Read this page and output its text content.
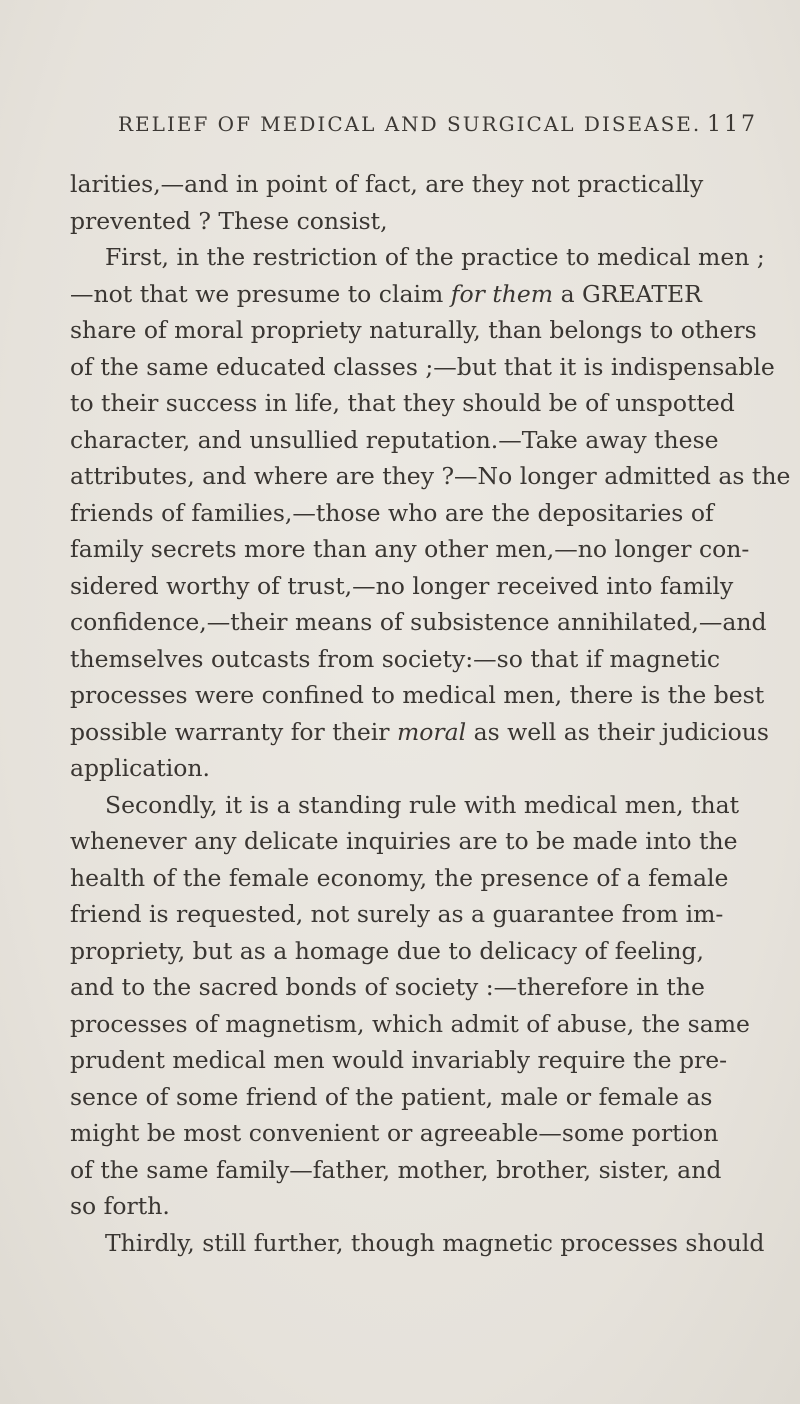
RELIEF OF MEDICAL AND SURGICAL DISEASE. 117
larities,—and in point of fact, are they not practically
prevented ? These consist,
First, in the restriction of the practice to medical men ;
—not that we presume to claim for them a GREATER
share of moral propriety naturally, than belongs to others
of the same educated classes ;—but that it is indispensable
to their success in life, that they should be of unspotted
character, and unsullied reputation.—Take away these
attributes, and where are they ?—No longer admitted as the
friends of families,—those who are the depositaries of
family secrets more than any other men,—no longer con-
sidered worthy of trust,—no longer received into family
confidence,—their means of subsistence annihilated,—and
themselves outcasts from society:—so that if magnetic
processes were confined to medical men, there is the best
possible warranty for their moral as well as their judicious
application.
Secondly, it is a standing rule with medical men, that
whenever any delicate inquiries are to be made into the
health of the female economy, the presence of a female
friend is requested, not surely as a guarantee from im-
propriety, but as a homage due to delicacy of feeling,
and to the sacred bonds of society :—therefore in the
processes of magnetism, which admit of abuse, the same
prudent medical men would invariably require the pre-
sence of some friend of the patient, male or female as
might be most convenient or agreeable—some portion
of the same family—father, mother, brother, sister, and
so forth.
Thirdly, still further, though magnetic processes should
